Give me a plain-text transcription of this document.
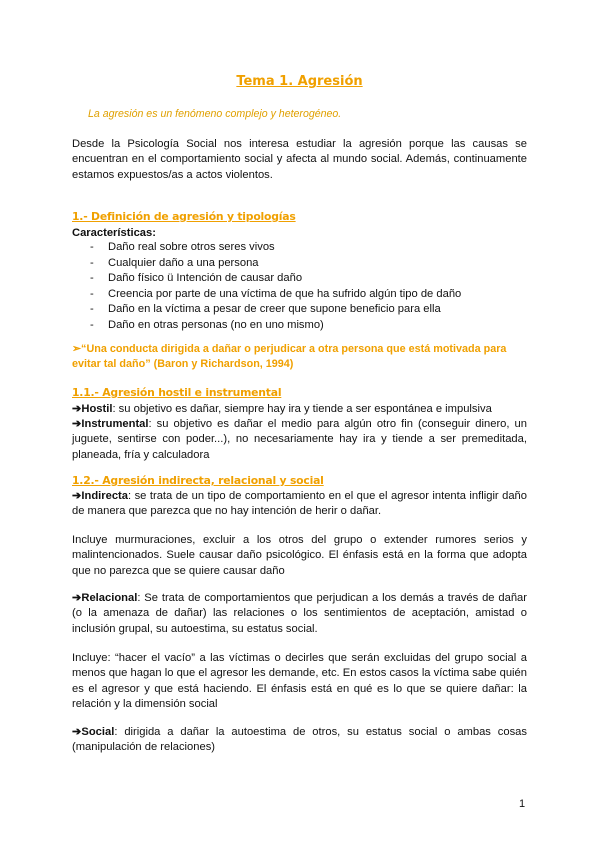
Tema 1. Agresión
La agresión es un fenómeno complejo y heterogéneo.
Desde la Psicología Social nos interesa estudiar la agresión porque las causas se encuentran en el comportamiento social y afecta al mundo social. Además, continuamente estamos expuestos/as a actos violentos.
1.- Definición de agresión y tipologías
Características:
- Daño real sobre otros seres vivos
- Cualquier daño a una persona
- Daño físico ü Intención de causar daño
- Creencia por parte de una víctima de que ha sufrido algún tipo de daño
- Daño en la víctima a pesar de creer que supone beneficio para ella
- Daño en otras personas (no en uno mismo)
➢“Una conducta dirigida a dañar o perjudicar a otra persona que está motivada para evitar tal daño” (Baron y Richardson, 1994)
1.1.- Agresión hostil e instrumental
➔Hostil: su objetivo es dañar, siempre hay ira y tiende a ser espontánea e impulsiva
➔Instrumental: su objetivo es dañar el medio para algún otro fin (conseguir dinero, un juguete, sentirse con poder...), no necesariamente hay ira y tiende a ser premeditada, planeada, fría y calculadora
1.2.- Agresión indirecta, relacional y social
➔Indirecta: se trata de un tipo de comportamiento en el que el agresor intenta infligir daño de manera que parezca que no hay intención de herir o dañar.
Incluye murmuraciones, excluir a los otros del grupo o extender rumores serios y malintencionados. Suele causar daño psicológico. El énfasis está en la forma que adopta que no parezca que se quiere causar daño
➔Relacional: Se trata de comportamientos que perjudican a los demás a través de dañar (o la amenaza de dañar) las relaciones o los sentimientos de aceptación, amistad o inclusión grupal, su autoestima, su estatus social.
Incluye: “hacer el vacío” a las víctimas o decirles que serán excluidas del grupo social a menos que hagan lo que el agresor les demande, etc. En estos casos la víctima sabe quién es el agresor y que está haciendo. El énfasis está en qué es lo que se quiere dañar: la relación y la dimensión social
➔Social: dirigida a dañar la autoestima de otros, su estatus social o ambas cosas (manipulación de relaciones)
1
